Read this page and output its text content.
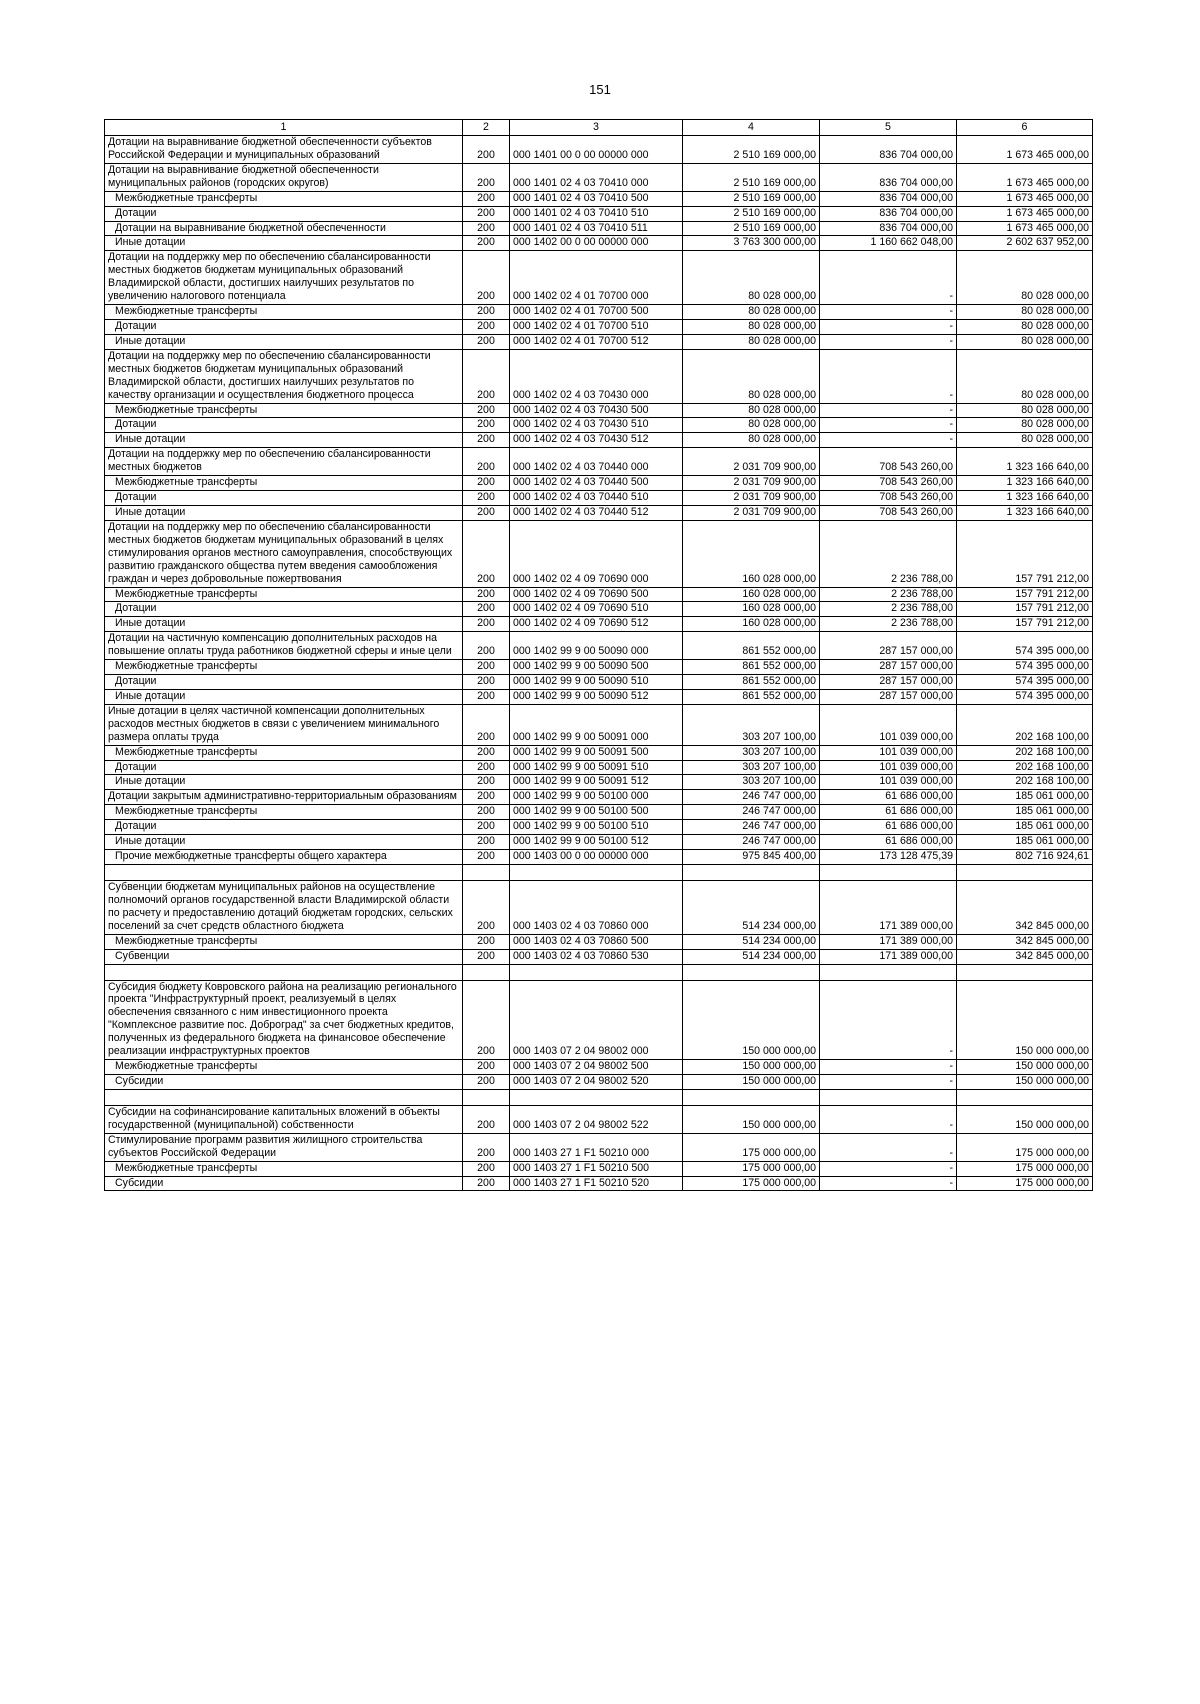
151
1	2	3	4	5	6
Дотации на выравнивание бюджетной обеспеченности субъектов Российской Федерации и муниципальных образований	200	000 1401 00 0 00 00000 000	2 510 169 000,00	836 704 000,00	1 673 465 000,00
Дотации на выравнивание бюджетной обеспеченности муниципальных районов (городских округов)	200	000 1401 02 4 03 70410 000	2 510 169 000,00	836 704 000,00	1 673 465 000,00
Межбюджетные трансферты	200	000 1401 02 4 03 70410 500	2 510 169 000,00	836 704 000,00	1 673 465 000,00
Дотации	200	000 1401 02 4 03 70410 510	2 510 169 000,00	836 704 000,00	1 673 465 000,00
Дотации на выравнивание бюджетной обеспеченности	200	000 1401 02 4 03 70410 511	2 510 169 000,00	836 704 000,00	1 673 465 000,00
Иные дотации	200	000 1402 00 0 00 00000 000	3 763 300 000,00	1 160 662 048,00	2 602 637 952,00
Дотации на поддержку мер по обеспечению сбалансированности местных бюджетов бюджетам муниципальных образований Владимирской области, достигших наилучших результатов по увеличению налогового потенциала	200	000 1402 02 4 01 70700 000	80 028 000,00	-	80 028 000,00
Межбюджетные трансферты	200	000 1402 02 4 01 70700 500	80 028 000,00	-	80 028 000,00
Дотации	200	000 1402 02 4 01 70700 510	80 028 000,00	-	80 028 000,00
Иные дотации	200	000 1402 02 4 01 70700 512	80 028 000,00	-	80 028 000,00
Дотации на поддержку мер по обеспечению сбалансированности местных бюджетов бюджетам муниципальных образований Владимирской области, достигших наилучших результатов по качеству организации и осуществления бюджетного процесса	200	000 1402 02 4 03 70430 000	80 028 000,00	-	80 028 000,00
Межбюджетные трансферты	200	000 1402 02 4 03 70430 500	80 028 000,00	-	80 028 000,00
Дотации	200	000 1402 02 4 03 70430 510	80 028 000,00	-	80 028 000,00
Иные дотации	200	000 1402 02 4 03 70430 512	80 028 000,00	-	80 028 000,00
Дотации на поддержку мер по обеспечению сбалансированности местных бюджетов	200	000 1402 02 4 03 70440 000	2 031 709 900,00	708 543 260,00	1 323 166 640,00
Межбюджетные трансферты	200	000 1402 02 4 03 70440 500	2 031 709 900,00	708 543 260,00	1 323 166 640,00
Дотации	200	000 1402 02 4 03 70440 510	2 031 709 900,00	708 543 260,00	1 323 166 640,00
Иные дотации	200	000 1402 02 4 03 70440 512	2 031 709 900,00	708 543 260,00	1 323 166 640,00
Дотации на поддержку мер по обеспечению сбалансированности местных бюджетов бюджетам муниципальных образований в целях стимулирования органов местного самоуправления, способствующих развитию гражданского общества путем введения самообложения граждан и через добровольные пожертвования	200	000 1402 02 4 09 70690 000	160 028 000,00	2 236 788,00	157 791 212,00
Межбюджетные трансферты	200	000 1402 02 4 09 70690 500	160 028 000,00	2 236 788,00	157 791 212,00
Дотации	200	000 1402 02 4 09 70690 510	160 028 000,00	2 236 788,00	157 791 212,00
Иные дотации	200	000 1402 02 4 09 70690 512	160 028 000,00	2 236 788,00	157 791 212,00
Дотации на частичную компенсацию дополнительных расходов на повышение оплаты труда работников бюджетной сферы и иные цели	200	000 1402 99 9 00 50090 000	861 552 000,00	287 157 000,00	574 395 000,00
Межбюджетные трансферты	200	000 1402 99 9 00 50090 500	861 552 000,00	287 157 000,00	574 395 000,00
Дотации	200	000 1402 99 9 00 50090 510	861 552 000,00	287 157 000,00	574 395 000,00
Иные дотации	200	000 1402 99 9 00 50090 512	861 552 000,00	287 157 000,00	574 395 000,00
Иные дотации в целях частичной компенсации дополнительных расходов местных бюджетов в связи с увеличением минимального размера оплаты труда	200	000 1402 99 9 00 50091 000	303 207 100,00	101 039 000,00	202 168 100,00
Межбюджетные трансферты	200	000 1402 99 9 00 50091 500	303 207 100,00	101 039 000,00	202 168 100,00
Дотации	200	000 1402 99 9 00 50091 510	303 207 100,00	101 039 000,00	202 168 100,00
Иные дотации	200	000 1402 99 9 00 50091 512	303 207 100,00	101 039 000,00	202 168 100,00
Дотации закрытым административно-территориальным образованиям	200	000 1402 99 9 00 50100 000	246 747 000,00	61 686 000,00	185 061 000,00
Межбюджетные трансферты	200	000 1402 99 9 00 50100 500	246 747 000,00	61 686 000,00	185 061 000,00
Дотации	200	000 1402 99 9 00 50100 510	246 747 000,00	61 686 000,00	185 061 000,00
Иные дотации	200	000 1402 99 9 00 50100 512	246 747 000,00	61 686 000,00	185 061 000,00
Прочие межбюджетные трансферты общего характера	200	000 1403 00 0 00 00000 000	975 845 400,00	173 128 475,39	802 716 924,61

Субвенции бюджетам муниципальных районов на осуществление полномочий органов государственной власти Владимирской области по расчету и предоставлению дотаций бюджетам городских, сельских поселений за счет средств областного бюджета	200	000 1403 02 4 03 70860 000	514 234 000,00	171 389 000,00	342 845 000,00
Межбюджетные трансферты	200	000 1403 02 4 03 70860 500	514 234 000,00	171 389 000,00	342 845 000,00
Субвенции	200	000 1403 02 4 03 70860 530	514 234 000,00	171 389 000,00	342 845 000,00

Субсидия бюджету Ковровского района на реализацию регионального проекта "Инфраструктурный проект, реализуемый в целях обеспечения связанного с ним инвестиционного проекта "Комплексное развитие пос. Доброград" за счет бюджетных кредитов, полученных из федерального бюджета на финансовое обеспечение реализации инфраструктурных проектов	200	000 1403 07 2 04 98002 000	150 000 000,00	-	150 000 000,00
Межбюджетные трансферты	200	000 1403 07 2 04 98002 500	150 000 000,00	-	150 000 000,00
Субсидии	200	000 1403 07 2 04 98002 520	150 000 000,00	-	150 000 000,00

Субсидии на софинансирование капитальных вложений в объекты государственной (муниципальной) собственности	200	000 1403 07 2 04 98002 522	150 000 000,00	-	150 000 000,00
Стимулирование программ развития жилищного строительства субъектов Российской Федерации	200	000 1403 27 1 F1 50210 000	175 000 000,00	-	175 000 000,00
Межбюджетные трансферты	200	000 1403 27 1 F1 50210 500	175 000 000,00	-	175 000 000,00
Субсидии	200	000 1403 27 1 F1 50210 520	175 000 000,00	-	175 000 000,00
